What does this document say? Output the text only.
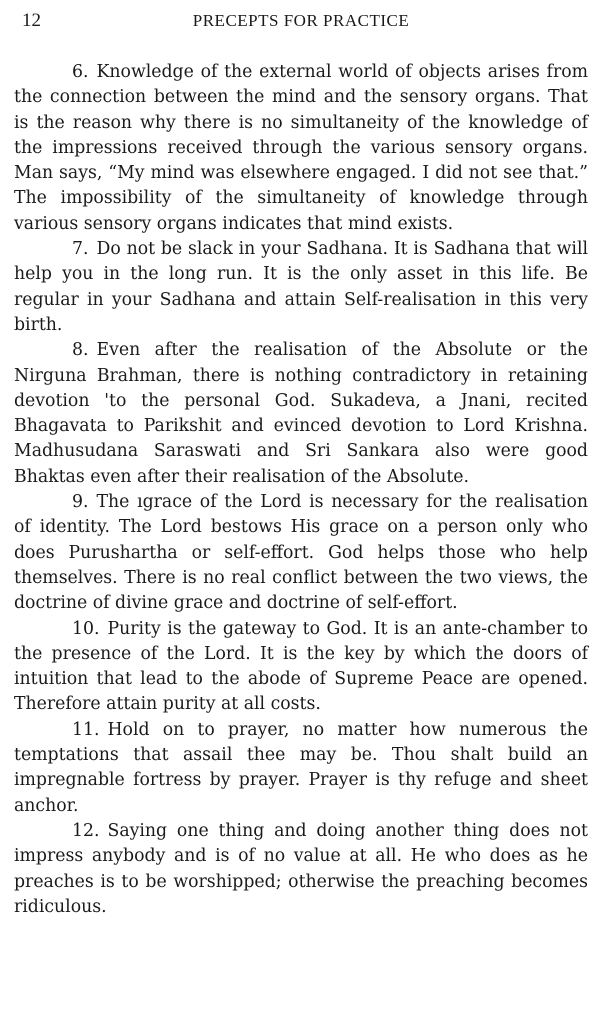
12	PRECEPTS FOR PRACTICE

6. Knowledge of the external world of objects arises from the connection between the mind and the sensory organs. That is the reason why there is no simultaneity of the knowledge of the impressions received through the various sensory organs. Man says, “My mind was elsewhere engaged. I did not see that.” The impossibility of the simultaneity of knowledge through various sensory organs indicates that mind exists.

7. Do not be slack in your Sadhana. It is Sadhana that will help you in the long run. It is the only asset in this life. Be regular in your Sadhana and attain Self-realisation in this very birth.

8. Even after the realisation of the Absolute or the Nirguna Brahman, there is nothing contradictory in retaining devotion 'to the personal God. Sukadeva, a Jnani, recited Bhagavata to Parikshit and evinced devotion to Lord Krishna. Madhusudana Saraswati and Sri Sankara also were good Bhaktas even after their realisation of the Absolute.

9. The ıgrace of the Lord is necessary for the realisation of identity. The Lord bestows His grace on a person only who does Purushartha or self-effort. God helps those who help themselves. There is no real conflict between the two views, the doctrine of divine grace and doctrine of self-effort.

10. Purity is the gateway to God. It is an ante-chamber to the presence of the Lord. It is the key by which the doors of intuition that lead to the abode of Supreme Peace are opened. Therefore attain purity at all costs.

11. Hold on to prayer, no matter how numerous the temptations that assail thee may be. Thou shalt build an impregnable fortress by prayer. Prayer is thy refuge and sheet anchor.

12. Saying one thing and doing another thing does not impress anybody and is of no value at all. He who does as he preaches is to be worshipped; otherwise the preaching becomes ridiculous.
